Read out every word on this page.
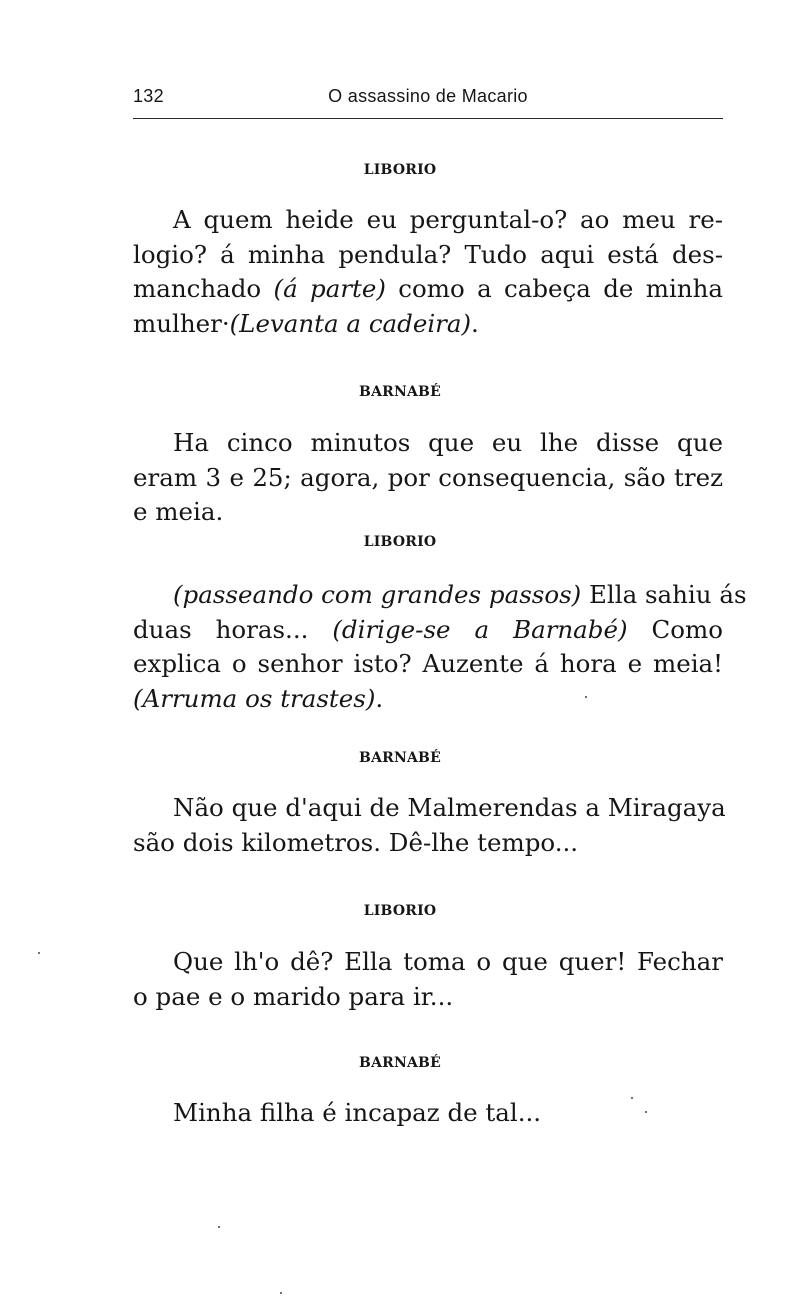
132	O assassino de Macario
LIBORIO
BARNABÉ
LIBORIO
BARNABÉ
LIBORIO
BARNABÉ
A quem heide eu perguntal-o? ao meu re-
logio? á minha pendula? Tudo aqui está des-
manchado (á parte) como a cabeça de minha
mulher·(Levanta a cadeira).
Ha cinco minutos que eu lhe disse que
eram 3 e 25; agora, por consequencia, são trez
e meia.
(passeando com grandes passos) Ella sahiu ás
duas horas... (dirige-se a Barnabé) Como
explica o senhor isto? Auzente á hora e meia!
(Arruma os trastes).
Não que d'aqui de Malmerendas a Miragaya
são dois kilometros. Dê-lhe tempo...
Que lh'o dê? Ella toma o que quer! Fechar
o pae e o marido para ir...
Minha filha é incapaz de tal...
